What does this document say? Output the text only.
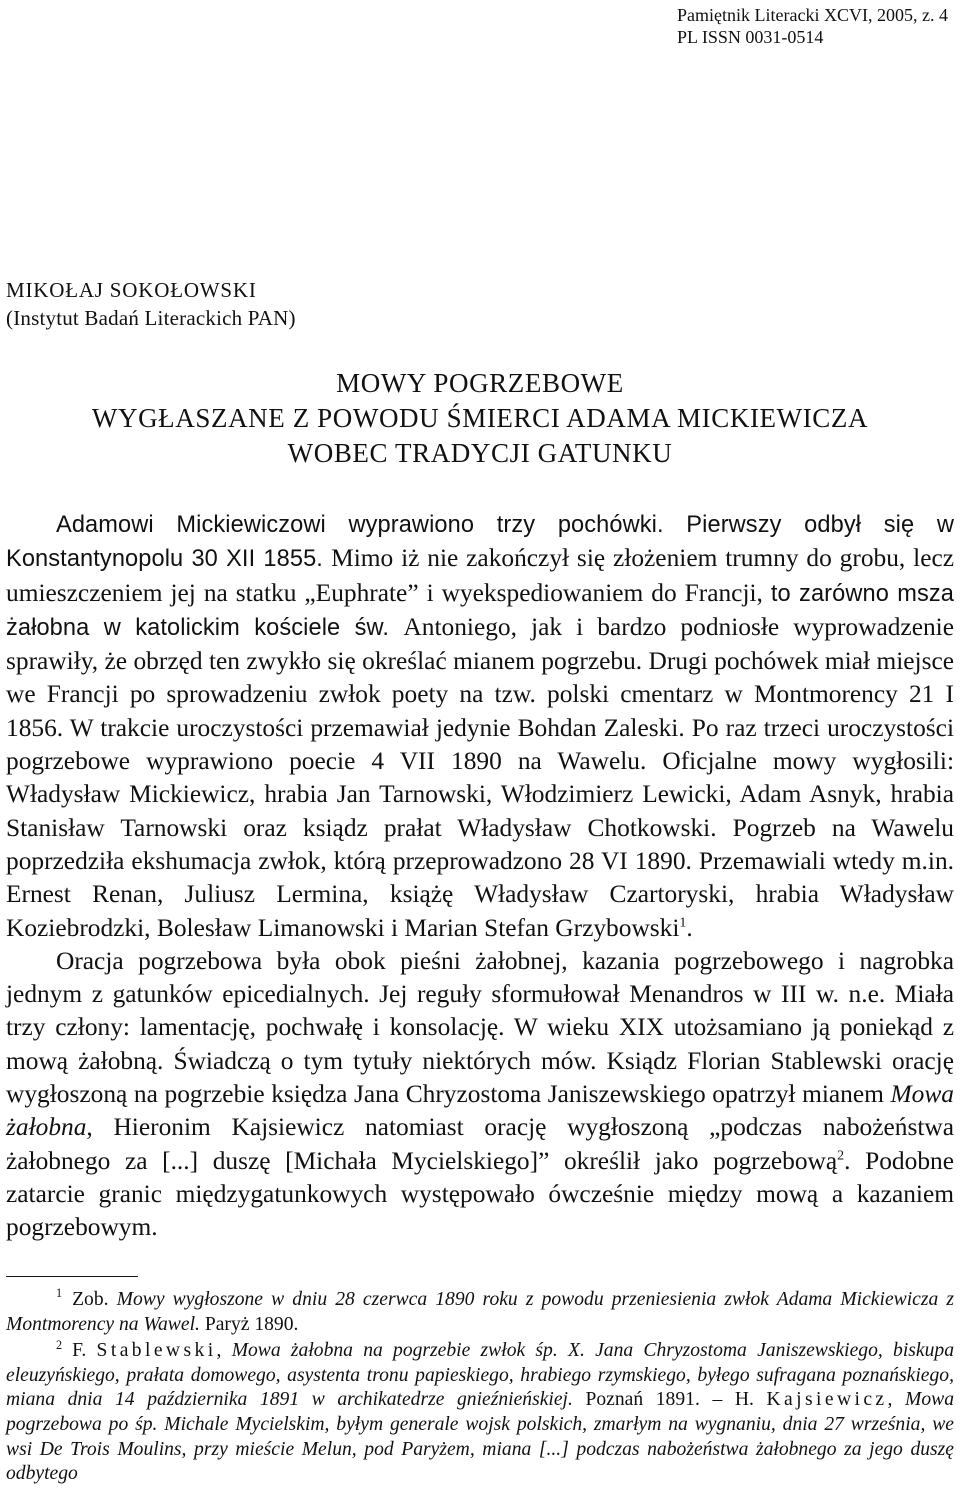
Pamiętnik Literacki XCVI, 2005, z. 4
PL ISSN 0031-0514
MIKOŁAJ SOKOŁOWSKI
(Instytut Badań Literackich PAN)
MOWY POGRZEBOWE
WYGŁASZANE Z POWODU ŚMIERCI ADAMA MICKIEWICZA
WOBEC TRADYCJI GATUNKU

Adamowi Mickiewiczowi wyprawiono trzy pochówki. Pierwszy odbył się w Konstantynopolu 30 XII 1855. Mimo iż nie zakończył się złożeniem trumny do grobu, lecz umieszczeniem jej na statku „Euphrate” i wyekspediowaniem do Francji, to zarówno msza żałobna w katolickim kościele św. Antoniego, jak i bardzo podniosłe wyprowadzenie sprawiły, że obrzęd ten zwykło się określać mianem pogrzebu. Drugi pochówek miał miejsce we Francji po sprowadzeniu zwłok poety na tzw. polski cmentarz w Montmorency 21 I 1856. W trakcie uroczystości przemawiał jedynie Bohdan Zaleski. Po raz trzeci uroczystości pogrzebowe wyprawiono poecie 4 VII 1890 na Wawelu. Oficjalne mowy wygłosili: Władysław Mickiewicz, hrabia Jan Tarnowski, Włodzimierz Lewicki, Adam Asnyk, hrabia Stanisław Tarnowski oraz ksiądz prałat Władysław Chotkowski. Pogrzeb na Wawelu poprzedziła ekshumacja zwłok, którą przeprowadzono 28 VI 1890. Przemawiali wtedy m.in. Ernest Renan, Juliusz Lermina, książę Władysław Czartoryski, hrabia Władysław Koziebrodzki, Bolesław Limanowski i Marian Stefan Grzybowski$^1$.

Oracja pogrzebowa była obok pieśni żałobnej, kazania pogrzebowego i nagrobka jednym z gatunków epicedialnych. Jej reguły sformułował Menandros w III w. n.e. Miała trzy człony: lamentację, pochwałę i konsolację. W wieku XIX utożsamiano ją poniekąd z mową żałobną. Świadczą o tym tytuły niektórych mów. Ksiądz Florian Stablewski orację wygłoszoną na pogrzebie księdza Jana Chryzostoma Janiszewskiego opatrzył mianem Mowa żałobna, Hieronim Kajsiewicz natomiast orację wygłoszoną „podczas nabożeństwa żałobnego za [...] duszę [Michała Mycielskiego]” określił jako pogrzebową$^2$. Podobne zatarcie granic międzygatunkowych występowało ówcześnie między mową a kazaniem pogrzebowym.

$^1$ Zob. Mowy wygłoszone w dniu 28 czerwca 1890 roku z powodu przeniesienia zwłok Adama Mickiewicza z Montmorency na Wawel. Paryż 1890.

$^2$ F. Stablewski, Mowa żałobna na pogrzebie zwłok śp. X. Jana Chryzostoma Janiszewskiego, biskupa eleuzyńskiego, prałata domowego, asystenta tronu papieskiego, hrabiego rzymskiego, byłego sufragana poznańskiego, miana dnia 14 października 1891 w archikatedrze gnieźnieńskiej. Poznań 1891. – H. Kajsiewicz, Mowa pogrzebowa po śp. Michale Mycielskim, byłym generale wojsk polskich, zmarłym na wygnaniu, dnia 27 września, we wsi De Trois Moulins, przy mieście Melun, pod Paryżem, miana [...] podczas nabożeństwa żałobnego za jego duszę odbytego
